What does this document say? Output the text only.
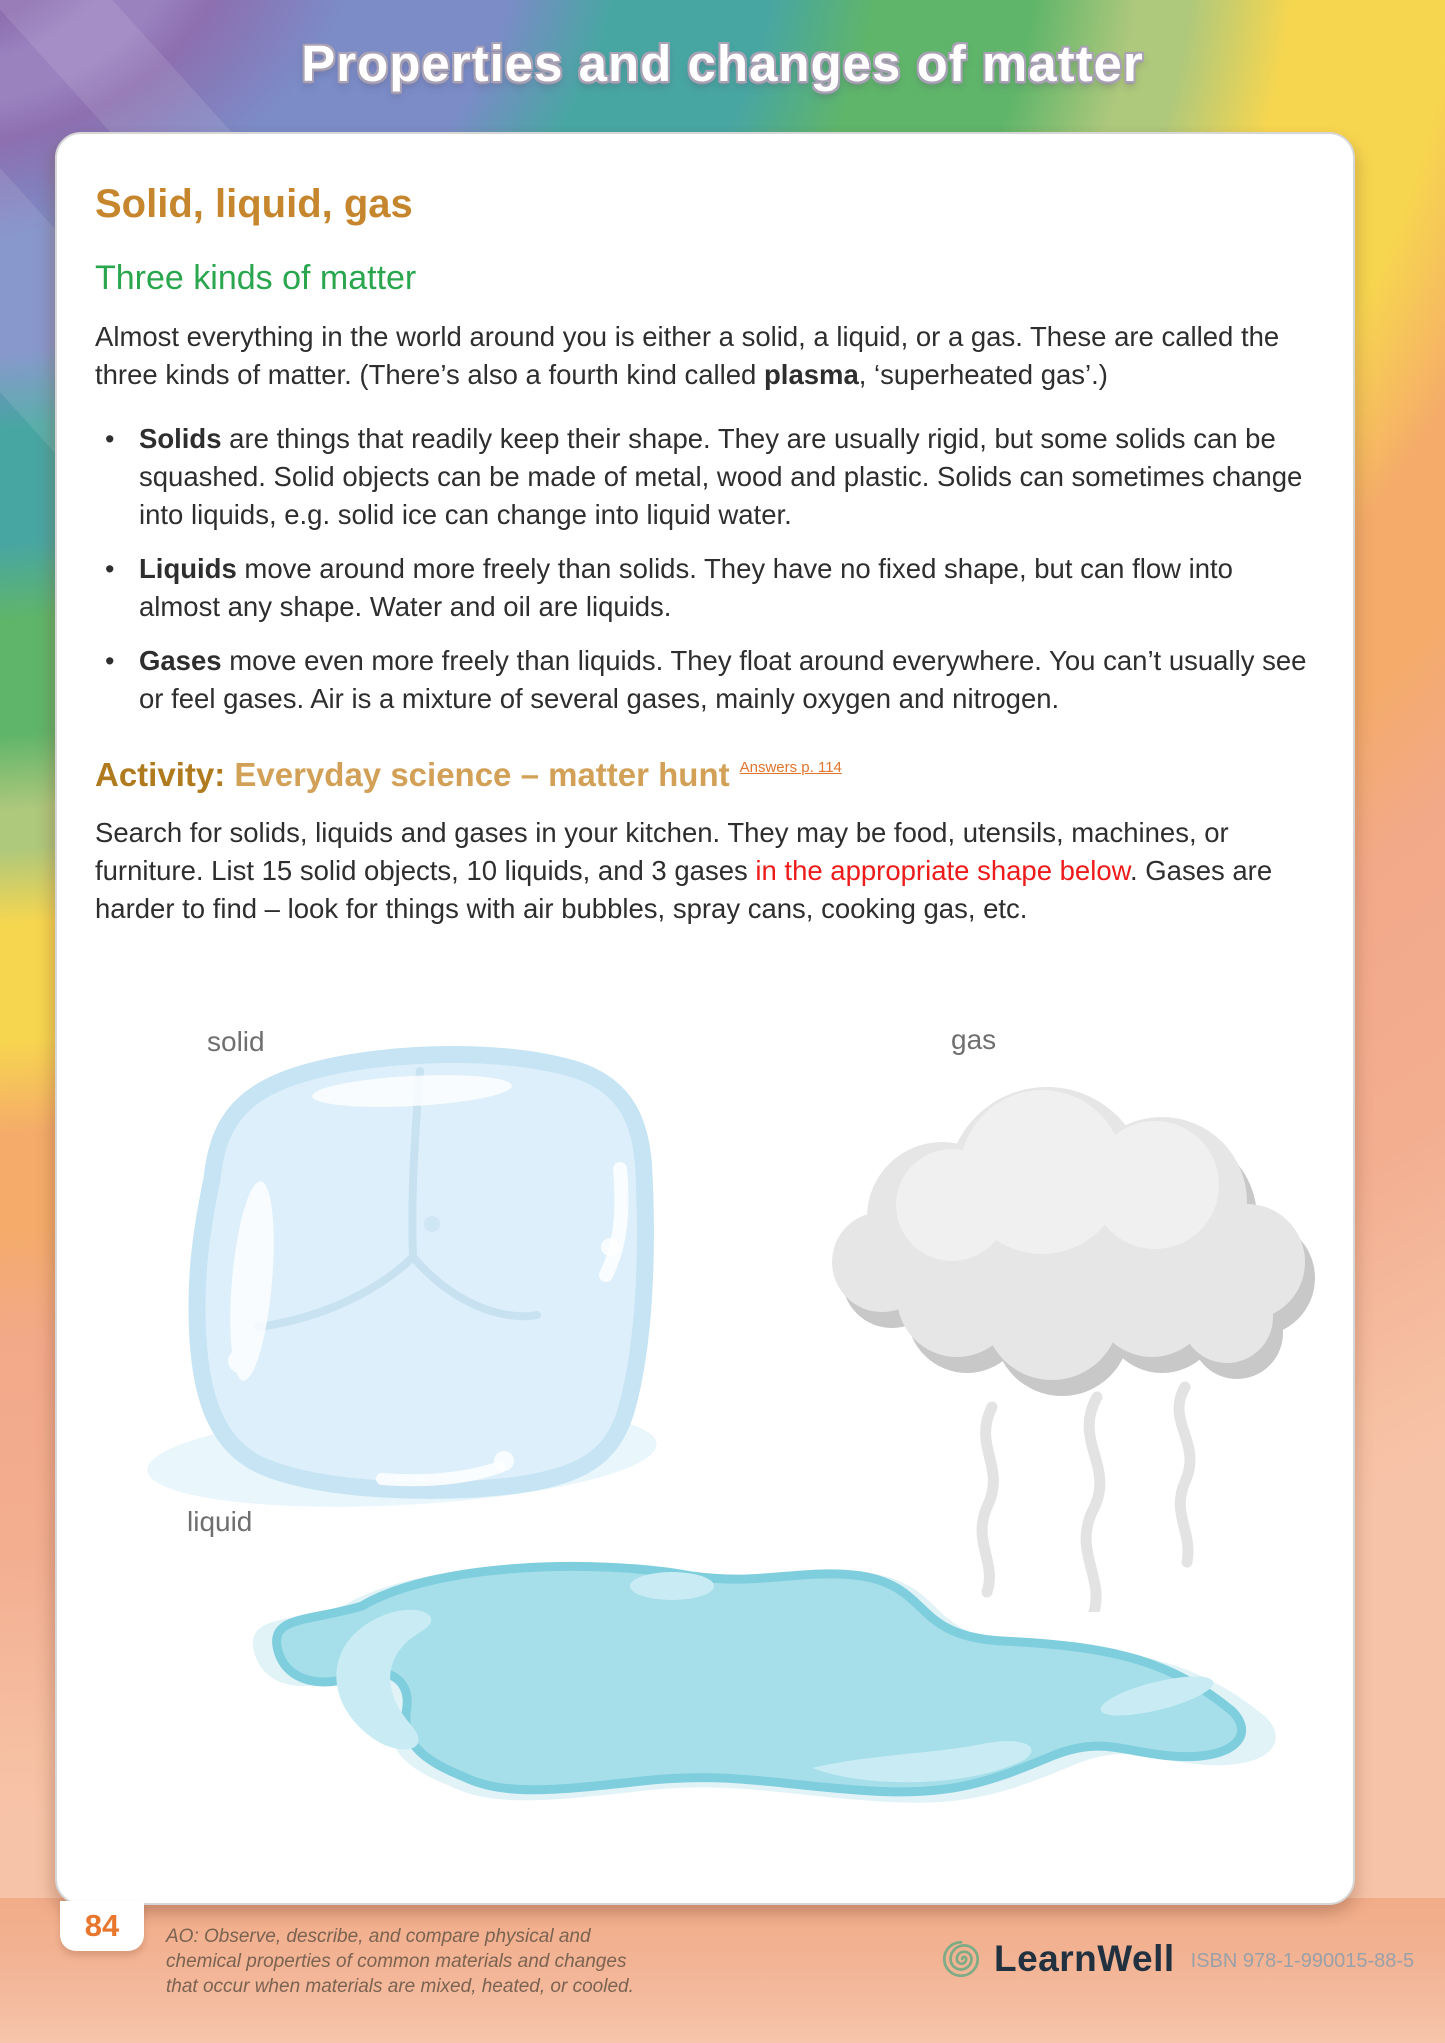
Properties and changes of matter
Solid, liquid, gas
Three kinds of matter

Almost everything in the world around you is either a solid, a liquid, or a gas. These are called the three kinds of matter. (There’s also a fourth kind called plasma, ‘superheated gas’.)

• Solids are things that readily keep their shape. They are usually rigid, but some solids can be squashed. Solid objects can be made of metal, wood and plastic. Solids can sometimes change into liquids, e.g. solid ice can change into liquid water.
• Liquids move around more freely than solids. They have no fixed shape, but can flow into almost any shape. Water and oil are liquids.
• Gases move even more freely than liquids. They float around everywhere. You can’t usually see or feel gases. Air is a mixture of several gases, mainly oxygen and nitrogen.

Activity: Everyday science – matter hunt $^{Answers p. 114}$

Search for solids, liquids and gases in your kitchen. They may be food, utensils, machines, or furniture. List 15 solid objects, 10 liquids, and 3 gases in the appropriate shape below. Gases are harder to find – look for things with air bubbles, spray cans, cooking gas, etc.

solid	gas
liquid
84 AO: Observe, describe, and compare physical and chemical properties of common materials and changes that occur when materials are mixed, heated, or cooled.
LearnWell ISBN 978-1-990015-88-5
